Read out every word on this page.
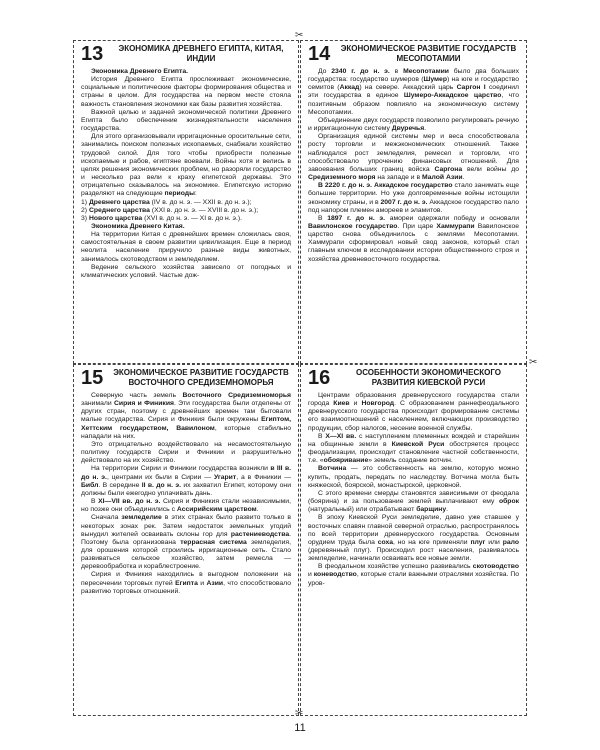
13	ЭКОНОМИКА ДРЕВНЕГО ЕГИПТА, КИТАЯ, ИНДИИ

Экономика Древнего Египта.

История Древнего Египта прослеживает экономические, социальные и политические факторы формирования общества и страны в целом. Для государства на первом месте стояла важность становления экономики как базы развития хозяйства.

Важной целью и задачей экономической политики Древнего Египта было обеспечение жизнедеятельности населения государства.

Для этого организовывали ирригационные оросительные сети, занимались поиском полезных ископаемых, снабжали хозяйство трудовой силой. Для того чтобы приобрести полезные ископаемые и рабов, египтяне воевали. Войны хотя и велись в целях решения экономических проблем, но разоряли государство и несколько раз вели к краху египетской державы. Это отрицательно сказывалось на экономике. Египетскую историю разделяют на следующие периоды:

1) Древнего царства (IV в. до н. э. — XXII в. до н. э.);
2) Среднего царства (XXI в. до н. э. — XVIII в. до н. э.);
3) Нового царства (XVI в. до н. э. — XI в. до н. э.).

Экономика Древнего Китая.

На территории Китая с древнейших времен сложилась своя, самостоятельная в своем развитии цивилизация. Еще в период неолита население приручило разные виды животных, занималось скотоводством и земледелием.

Ведение сельского хозяйства зависело от погодных и климатических условий. Частые дож-

14	ЭКОНОМИЧЕСКОЕ РАЗВИТИЕ ГОСУДАРСТВ МЕСОПОТАМИИ

До 2340 г. до н. э. в Месопотамии было два больших государства: государство шумеров (Шумер) на юге и государство семитов (Аккад) на севере. Аккадский царь Саргон I соединил эти государства в единое Шумеро-Аккадское царство, что позитивным образом повлияло на экономическую систему Месопотамии.

Объединение двух государств позволило регулировать речную и ирригационную систему Двуречья.

Организация единой системы мер и веса способствовала росту торговли и межэкономических отношений. Также наблюдался рост земледелия, ремесел и торговли, что способствовало упрочению финансовых отношений. Для завоевания больших границ войска Саргона вели войны до Средиземного моря на западе и в Малой Азии.

В 2220 г. до н. э. Аккадское государство стало занимать еще большие территории. Но уже долговременные войны истощили экономику страны, и в 2007 г. до н. э. Аккадское государство пало под напором племен амореев и эламитов.

В 1897 г. до н. э. амореи одержали победу и основали Вавилонское государство. При царе Хаммурапи Вавилонское царство снова объединилось с землями Месопотамии. Хаммурапи сформировал новый свод законов, который стал главным ключом в исследовании истории общественного строя и хозяйства древневосточного государства.

15 ЭКОНОМИЧЕСКОЕ РАЗВИТИЕ ГОСУДАРСТВ ВОСТОЧНОГО СРЕДИЗЕМНОМОРЬЯ

Северную часть земель Восточного Средиземноморья занимали Сирия и Финикия. Эти государства были отделены от других стран, поэтому с древнейших времен там бытовали малые государства. Сирия и Финикия были окружены Египтом, Хеттским государством, Вавилоном, которые стабильно нападали на них.

Это отрицательно воздействовало на несамостоятельную политику государств Сирии и Финикии и разрушительно действовало на их хозяйство.

На территории Сирии и Финикии государства возникли в III в. до н. э., центрами их были в Сирии — Угарит, а в Финикии — Библ. В середине II в. до н. э. их захватил Египет, которому они должны были ежегодно уплачивать дань.

В XI—VII вв. до н. э. Сирия и Финикия стали независимыми, но позже они объединились с Ассирийским царством.

Сначала земледелие в этих странах было развито только в некоторых зонах рек. Затем недостаток земельных угодий вынудил жителей осваивать склоны гор для растениеводства. Поэтому была организована террасная система земледелия, для орошения которой строились ирригационные сеть. Стало развиваться сельское хозяйство, затем ремесла — деревообработка и кораблестроение.

Сирия и Финикия находились в выгодном положении на пересечении торговых путей Египта и Азии, что способствовало развитию торговых отношений.

16	ОСОБЕННОСТИ ЭКОНОМИЧЕСКОГО РАЗВИТИЯ КИЕВСКОЙ РУСИ

Центрами образования древнерусского государства стали города Киев и Новгород. С образованием раннефеодального древнерусского государства происходит формирование системы его взаимоотношений с населением, включающих производство продукции, сбор налогов, несение военной службы.

В X—XI вв. с наступлением племенных вождей и старейшин на общинные земли в Киевской Руси обостряется процесс феодализации, происходит становление частной собственности, т.е. «обояривание» земель создание вотчин.

Вотчина — это собственность на землю, которую можно купить, продать, передать по наследству. Вотчина могла быть княжеской, боярской, монастырской, церковной.

С этого времени смерды становятся зависимыми от феодала (боярина) и за пользование землей выплачивают ему оброк (натуральный) или отрабатывают барщину.

В эпоху Киевской Руси земледелие, давно уже ставшее у восточных славян главной северной отраслью, распространялось по всей территории древнерусского государства. Основным орудием труда была соха, но на юге применяли плуг или рало (деревянный плуг). Происходил рост населения, развивалось земледелие, начинали осваивать все новые земли.

В феодальном хозяйстве успешно развивались скотоводство и коневодство, которые стали важными отраслями хозяйства. По уров-

✂
✂
✂
11
